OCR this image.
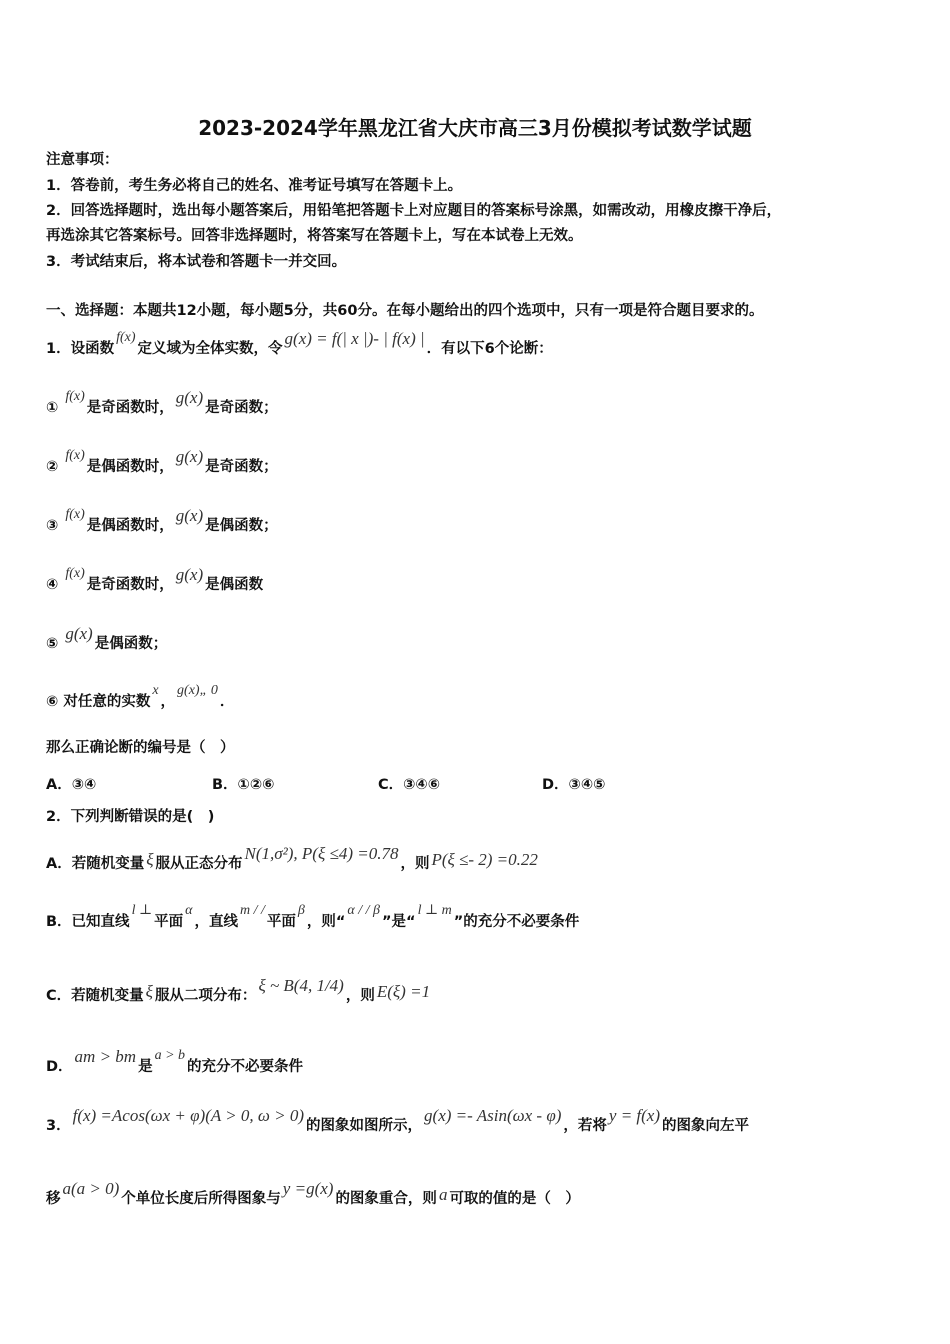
2023-2024学年黑龙江省大庆市高三3月份模拟考试数学试题
注意事项：
1．答卷前，考生务必将自己的姓名、准考证号填写在答题卡上。
2．回答选择题时，选出每小题答案后，用铅笔把答题卡上对应题目的答案标号涂黑，如需改动，用橡皮擦干净后，
再选涂其它答案标号。回答非选择题时，将答案写在答题卡上，写在本试卷上无效。
3．考试结束后，将本试卷和答题卡一并交回。
一、选择题：本题共12小题，每小题5分，共60分。在每小题给出的四个选项中，只有一项是符合题目要求的。
1．设函数f(x)定义域为全体实数，令g(x) = f(| x |)- | f(x) |．有以下6个论断：
① f(x)是奇函数时，g(x)是奇函数；
② f(x)是偶函数时，g(x)是奇函数；
③ f(x)是偶函数时，g(x)是偶函数；
④ f(x)是奇函数时，g(x)是偶函数
⑤ g(x)是偶函数；
⑥ 对任意的实数x，g(x)„ 0．
那么正确论断的编号是（　）
A．③④	B．①②⑥	C．③④⑥	D．③④⑤
2．下列判断错误的是(　)
A．若随机变量 ξ 服从正态分布N(1,σ²), P(ξ ≤4) =0.78，则 P(ξ ≤- 2) =0.22
B．已知直线l ⊥平面α，直线m / /平面β，则“α / / β”是“l ⊥ m”的充分不必要条件
C．若随机变量 ξ 服从二项分布：ξ ~ B(4, 1/4)，则 E(ξ) =1
D．am > bm是a > b的充分不必要条件
3．f(x) =Acos(ωx + φ)(A > 0, ω > 0)的图象如图所示，g(x) =- Asin(ωx - φ)，若将y = f(x)的图象向左平
移a(a > 0)个单位长度后所得图象与y =g(x)的图象重合，则 a 可取的值的是（　）
